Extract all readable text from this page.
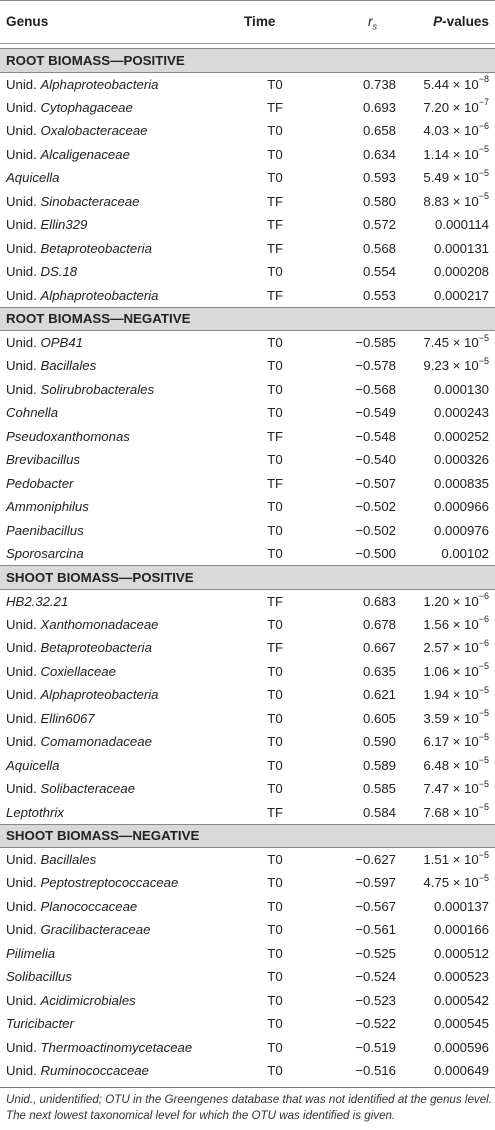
Genus	Time	$r_s$	P-values
ROOT BIOMASS—POSITIVE			
Unid. Alphaproteobacteria	T0	0.738	$5.44 \times 10^{-8}$
Unid. Cytophagaceae	TF	0.693	$7.20 \times 10^{-7}$
Unid. Oxalobacteraceae	T0	0.658	$4.03 \times 10^{-6}$
Unid. Alcaligenaceae	T0	0.634	$1.14 \times 10^{-5}$
Aquicella	T0	0.593	$5.49 \times 10^{-5}$
Unid. Sinobacteraceae	TF	0.580	$8.83 \times 10^{-5}$
Unid. Ellin329	TF	0.572	0.000114
Unid. Betaproteobacteria	TF	0.568	0.000131
Unid. DS.18	T0	0.554	0.000208
Unid. Alphaproteobacteria	TF	0.553	0.000217
ROOT BIOMASS—NEGATIVE			
Unid. OPB41	T0	−0.585	$7.45 \times 10^{-5}$
Unid. Bacillales	T0	−0.578	$9.23 \times 10^{-5}$
Unid. Solirubrobacterales	T0	−0.568	0.000130
Cohnella	T0	−0.549	0.000243
Pseudoxanthomonas	TF	−0.548	0.000252
Brevibacillus	T0	−0.540	0.000326
Pedobacter	TF	−0.507	0.000835
Ammoniphilus	T0	−0.502	0.000966
Paenibacillus	T0	−0.502	0.000976
Sporosarcina	T0	−0.500	0.00102
SHOOT BIOMASS—POSITIVE			
HB2.32.21	TF	0.683	$1.20 \times 10^{-6}$
Unid. Xanthomonadaceae	T0	0.678	$1.56 \times 10^{-6}$
Unid. Betaproteobacteria	TF	0.667	$2.57 \times 10^{-6}$
Unid. Coxiellaceae	T0	0.635	$1.06 \times 10^{-5}$
Unid. Alphaproteobacteria	T0	0.621	$1.94 \times 10^{-5}$
Unid. Ellin6067	T0	0.605	$3.59 \times 10^{-5}$
Unid. Comamonadaceae	T0	0.590	$6.17 \times 10^{-5}$
Aquicella	T0	0.589	$6.48 \times 10^{-5}$
Unid. Solibacteraceae	T0	0.585	$7.47 \times 10^{-5}$
Leptothrix	TF	0.584	$7.68 \times 10^{-5}$
SHOOT BIOMASS—NEGATIVE			
Unid. Bacillales	T0	−0.627	$1.51 \times 10^{-5}$
Unid. Peptostreptococcaceae	T0	−0.597	$4.75 \times 10^{-5}$
Unid. Planococcaceae	T0	−0.567	0.000137
Unid. Gracilibacteraceae	T0	−0.561	0.000166
Pilimelia	T0	−0.525	0.000512
Solibacillus	T0	−0.524	0.000523
Unid. Acidimicrobiales	T0	−0.523	0.000542
Turicibacter	T0	−0.522	0.000545
Unid. Thermoactinomycetaceae	T0	−0.519	0.000596
Unid. Ruminococcaceae	T0	−0.516	0.000649
Unid., unidentified; OTU in the Greengenes database that was not identified at the genus level. The next lowest taxonomical level for which the OTU was identified is given.
